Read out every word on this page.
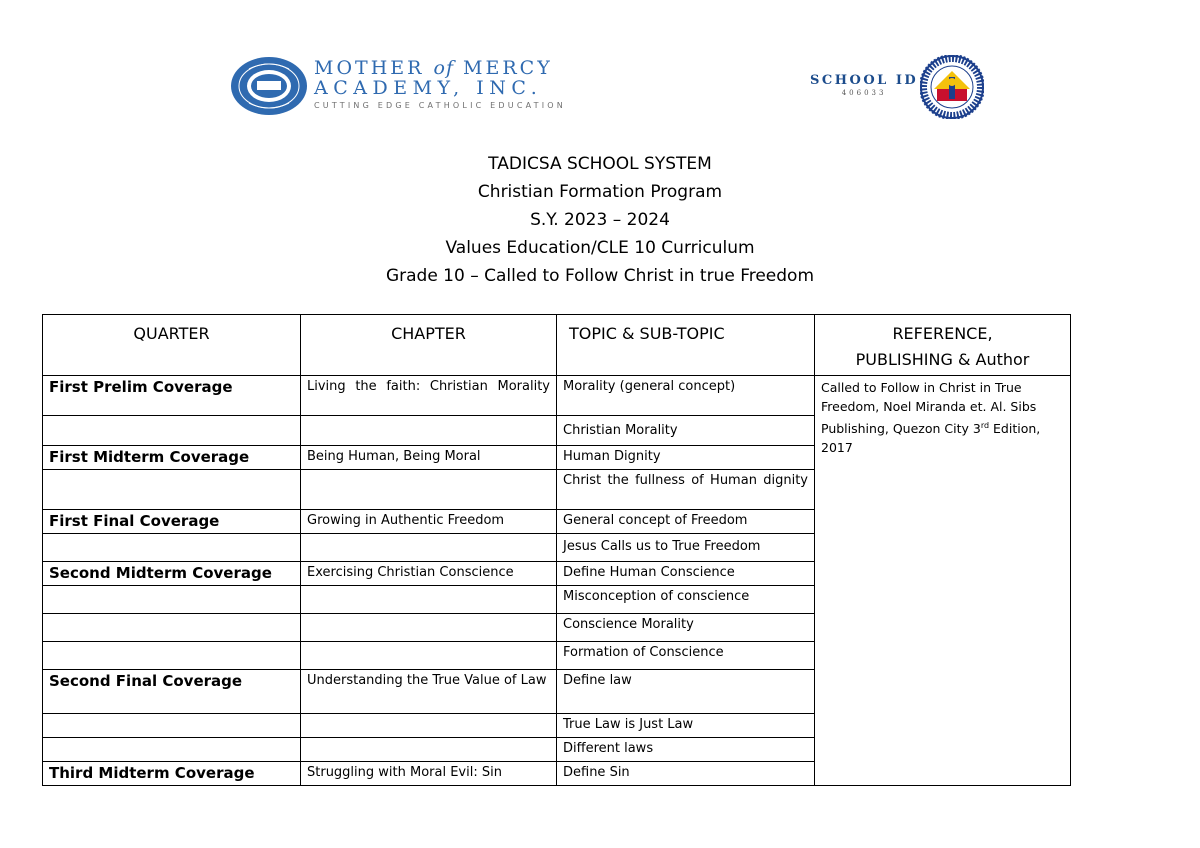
MOTHER of MERCY
ACADEMY, INC.
CUTTING EDGE CATHOLIC EDUCATION
SCHOOL ID
406033
TADICSA SCHOOL SYSTEM
Christian Formation Program
S.Y. 2023 – 2024
Values Education/CLE 10 Curriculum
Grade 10 – Called to Follow Christ in true Freedom
QUARTER	CHAPTER	TOPIC & SUB-TOPIC	REFERENCE,
PUBLISHING & Author
First Prelim Coverage	Living the faith: Christian Morality	Morality (general concept)	Called to Follow in Christ in True Freedom, Noel Miranda et. Al. Sibs Publishing, Quezon City 3rd Edition, 2017
		Christian Morality	
First Midterm Coverage	Being Human, Being Moral	Human Dignity	
		Christ the fullness of Human dignity	
First Final Coverage	Growing in Authentic Freedom	General concept of Freedom	
		Jesus Calls us to True Freedom	
Second Midterm Coverage	Exercising Christian Conscience	Define Human Conscience	
		Misconception of conscience	
		Conscience Morality	
		Formation of Conscience	
Second Final Coverage	Understanding the True Value of Law	Define law	
		True Law is Just Law	
		Different laws	
Third Midterm Coverage	Struggling with Moral Evil: Sin	Define Sin	
